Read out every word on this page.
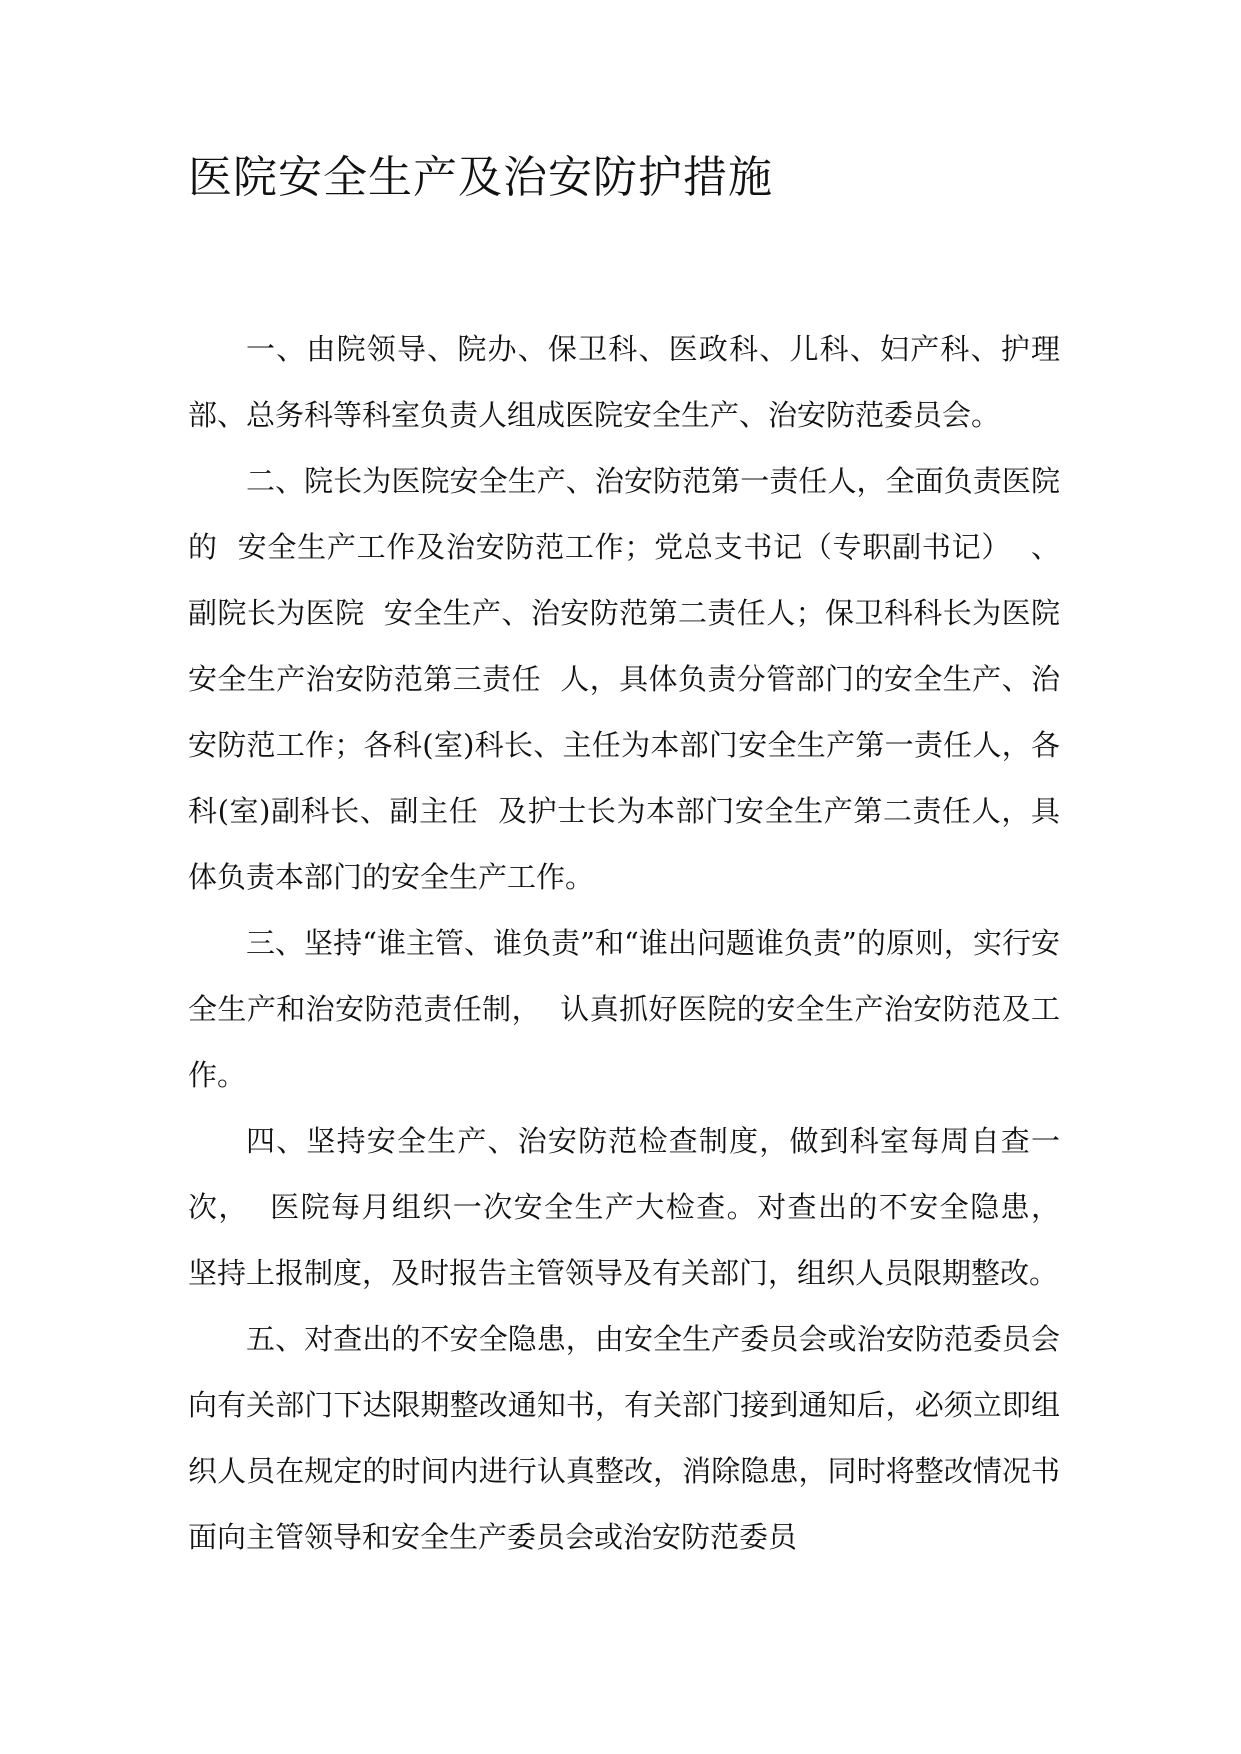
医院安全生产及治安防护措施

一、由院领导、院办、保卫科、医政科、儿科、妇产科、护理部、总务科等科室负责人组成医院安全生产、治安防范委员会。

二、院长为医院安全生产、治安防范第一责任人，全面负责医院的  安全生产工作及治安防范工作；党总支书记（专职副书记）  、副院长为医院  安全生产、治安防范第二责任人；保卫科科长为医院安全生产治安防范第三责任  人，具体负责分管部门的安全生产、治安防范工作；各科(室)科长、主任为本部门安全生产第一责任人，各科(室)副科长、副主任  及护士长为本部门安全生产第二责任人，具体负责本部门的安全生产工作。

三、坚持“谁主管、谁负责”和“谁出问题谁负责”的原则，实行安全生产和治安防范责任制，  认真抓好医院的安全生产治安防范及工作。

四、坚持安全生产、治安防范检查制度，做到科室每周自查一次，  医院每月组织一次安全生产大检查。对查出的不安全隐患，  坚持上报制度，及时报告主管领导及有关部门，组织人员限期整改。

五、对查出的不安全隐患，由安全生产委员会或治安防范委员会向有关部门下达限期整改通知书，有关部门接到通知后，必须立即组织人员在规定的时间内进行认真整改，消除隐患，同时将整改情况书面向主管领导和安全生产委员会或治安防范委员
